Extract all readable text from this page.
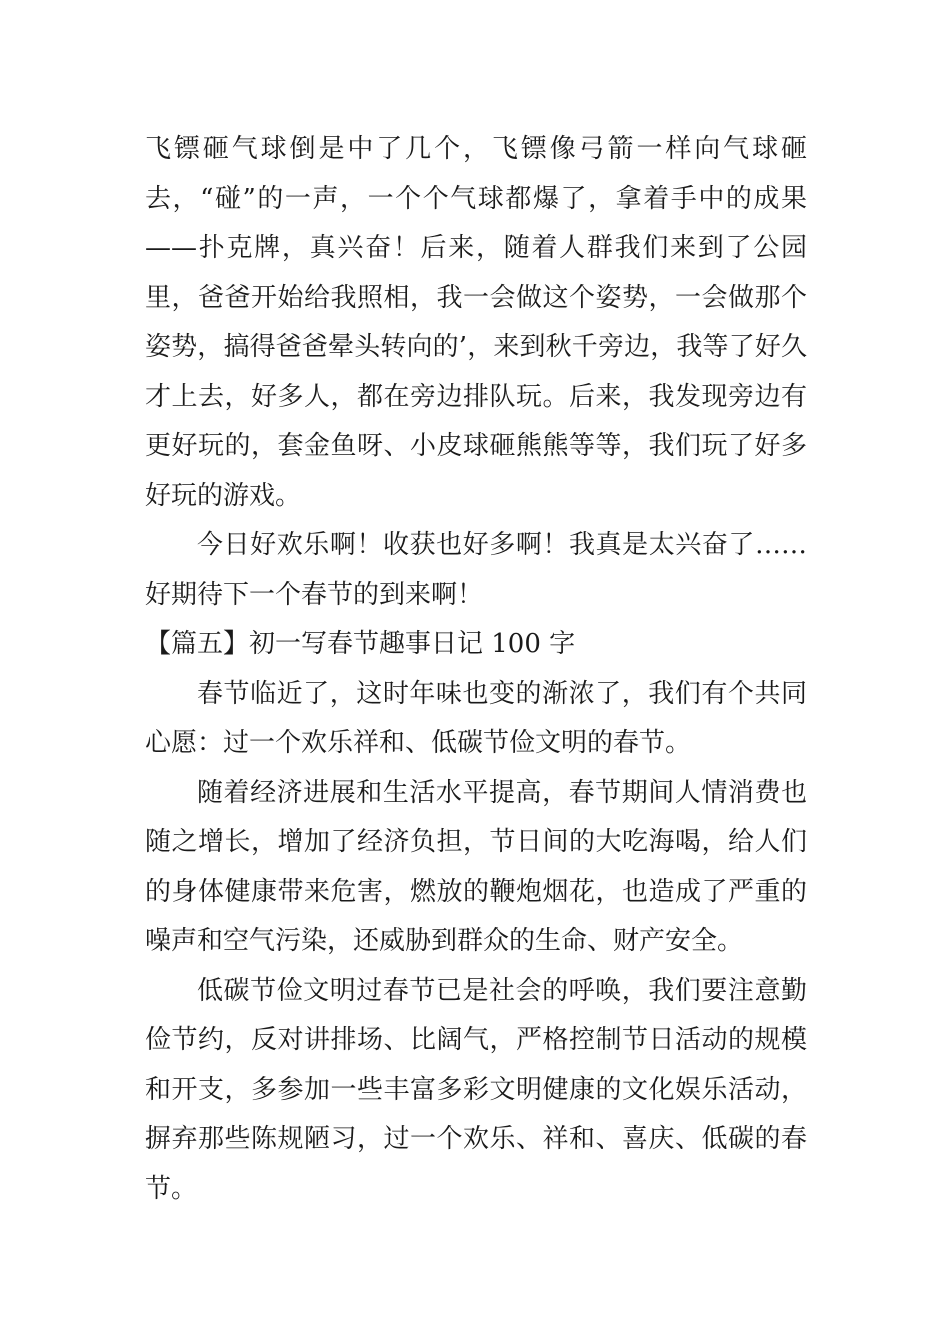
飞镖砸气球倒是中了几个，飞镖像弓箭一样向气球砸去，“碰”的一声，一个个气球都爆了，拿着手中的成果——扑克牌，真兴奋！后来，随着人群我们来到了公园里，爸爸开始给我照相，我一会做这个姿势，一会做那个姿势，搞得爸爸晕头转向的’，来到秋千旁边，我等了好久才上去，好多人，都在旁边排队玩。后来，我发现旁边有更好玩的，套金鱼呀、小皮球砸熊熊等等，我们玩了好多好玩的游戏。

今日好欢乐啊！收获也好多啊！我真是太兴奋了……好期待下一个春节的到来啊！

【篇五】初一写春节趣事日记 100 字

春节临近了，这时年味也变的渐浓了，我们有个共同心愿：过一个欢乐祥和、低碳节俭文明的春节。

随着经济进展和生活水平提高，春节期间人情消费也随之增长，增加了经济负担，节日间的大吃海喝，给人们的身体健康带来危害，燃放的鞭炮烟花，也造成了严重的噪声和空气污染，还威胁到群众的生命、财产安全。

低碳节俭文明过春节已是社会的呼唤，我们要注意勤俭节约，反对讲排场、比阔气，严格控制节日活动的规模和开支，多参加一些丰富多彩文明健康的文化娱乐活动，摒弃那些陈规陋习，过一个欢乐、祥和、喜庆、低碳的春节。
